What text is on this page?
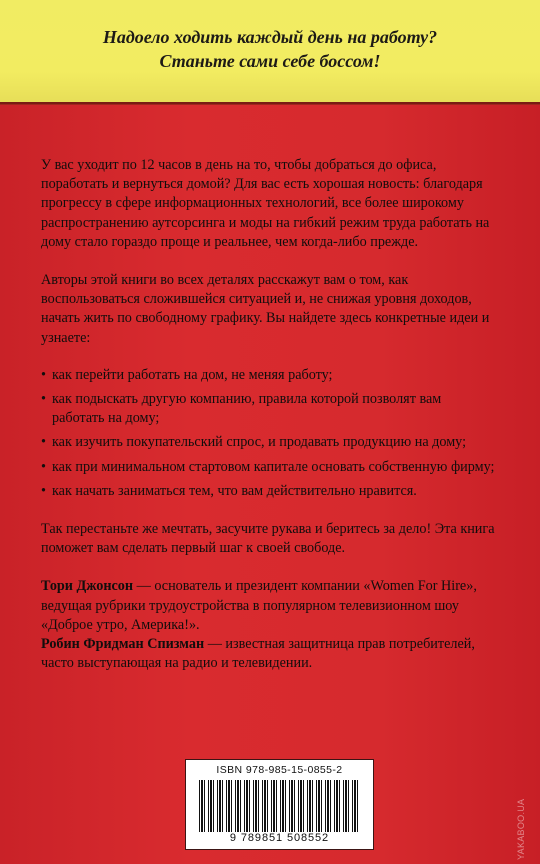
Надоело ходить каждый день на работу?
Станьте сами себе боссом!

У вас уходит по 12 часов в день на то, чтобы добраться до офиса, поработать и вернуться домой? Для вас есть хорошая новость: благодаря прогрессу в сфере информационных технологий, все более широкому распространению аутсорсинга и моды на гибкий режим труда работать на дому стало гораздо проще и реальнее, чем когда-либо прежде.

Авторы этой книги во всех деталях расскажут вам о том, как воспользоваться сложившейся ситуацией и, не снижая уровня доходов, начать жить по свободному графику. Вы найдете здесь конкретные идеи и узнаете:

• как перейти работать на дом, не меняя работу;
• как подыскать другую компанию, правила которой позволят вам работать на дому;
• как изучить покупательский спрос, и продавать продукцию на дому;
• как при минимальном стартовом капитале основать собственную фирму;
• как начать заниматься тем, что вам действительно нравится.

Так перестаньте же мечтать, засучите рукава и беритесь за дело! Эта книга поможет вам сделать первый шаг к своей свободе.

Тори Джонсон — основатель и президент компании «Women For Hire», ведущая рубрики трудоустройства в популярном телевизионном шоу «Доброе утро, Америка!».
Робин Фридман Спизман — известная защитница прав потребителей, часто выступающая на радио и телевидении.

ISBN 978-985-15-0855-2
9 789851 508552	YAKABOO.UA
